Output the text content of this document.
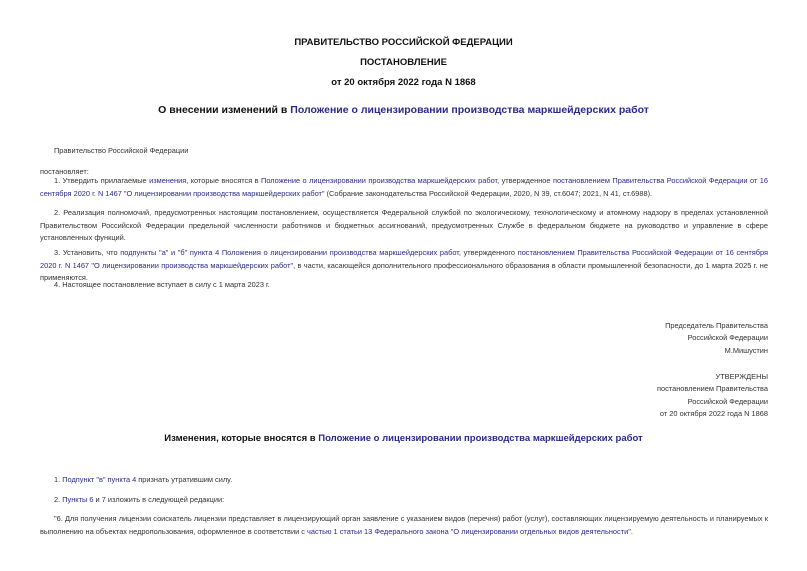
ПРАВИТЕЛЬСТВО РОССИЙСКОЙ ФЕДЕРАЦИИ
ПОСТАНОВЛЕНИЕ
от 20 октября 2022 года N 1868
О внесении изменений в Положение о лицензировании производства маркшейдерских работ
Правительство Российской Федерации
постановляет:
1. Утвердить прилагаемые изменения, которые вносятся в Положение о лицензировании производства маркшейдерских работ, утвержденное постановлением Правительства Российской Федерации от 16 сентября 2020 г. N 1467 "О лицензировании производства маркшейдерских работ" (Собрание законодательства Российской Федерации, 2020, N 39, ст.6047; 2021, N 41, ст.6988).
2. Реализация полномочий, предусмотренных настоящим постановлением, осуществляется Федеральной службой по экологическому, технологическому и атомному надзору в пределах установленной Правительством Российской Федерации предельной численности работников и бюджетных ассигнований, предусмотренных Службе в федеральном бюджете на руководство и управление в сфере установленных функций.
3. Установить, что подпункты "а" и "б" пункта 4 Положения о лицензировании производства маркшейдерских работ, утвержденного постановлением Правительства Российской Федерации от 16 сентября 2020 г. N 1467 "О лицензировании производства маркшейдерских работ", в части, касающейся дополнительного профессионального образования в области промышленной безопасности, до 1 марта 2025 г. не применяются.
4. Настоящее постановление вступает в силу с 1 марта 2023 г.
Председатель Правительства
Российской Федерации
М.Мишустин
УТВЕРЖДЕНЫ
постановлением Правительства
Российской Федерации
от 20 октября 2022 года N 1868
Изменения, которые вносятся в Положение о лицензировании производства маркшейдерских работ
1. Подпункт "в" пункта 4 признать утратившим силу.
2. Пункты 6 и 7 изложить в следующей редакции:
"6. Для получения лицензии соискатель лицензии представляет в лицензирующий орган заявление с указанием видов (перечня) работ (услуг), составляющих лицензируемую деятельность и планируемых к выполнению на объектах недропользования, оформленное в соответствии с частью 1 статьи 13 Федерального закона "О лицензировании отдельных видов деятельности".
